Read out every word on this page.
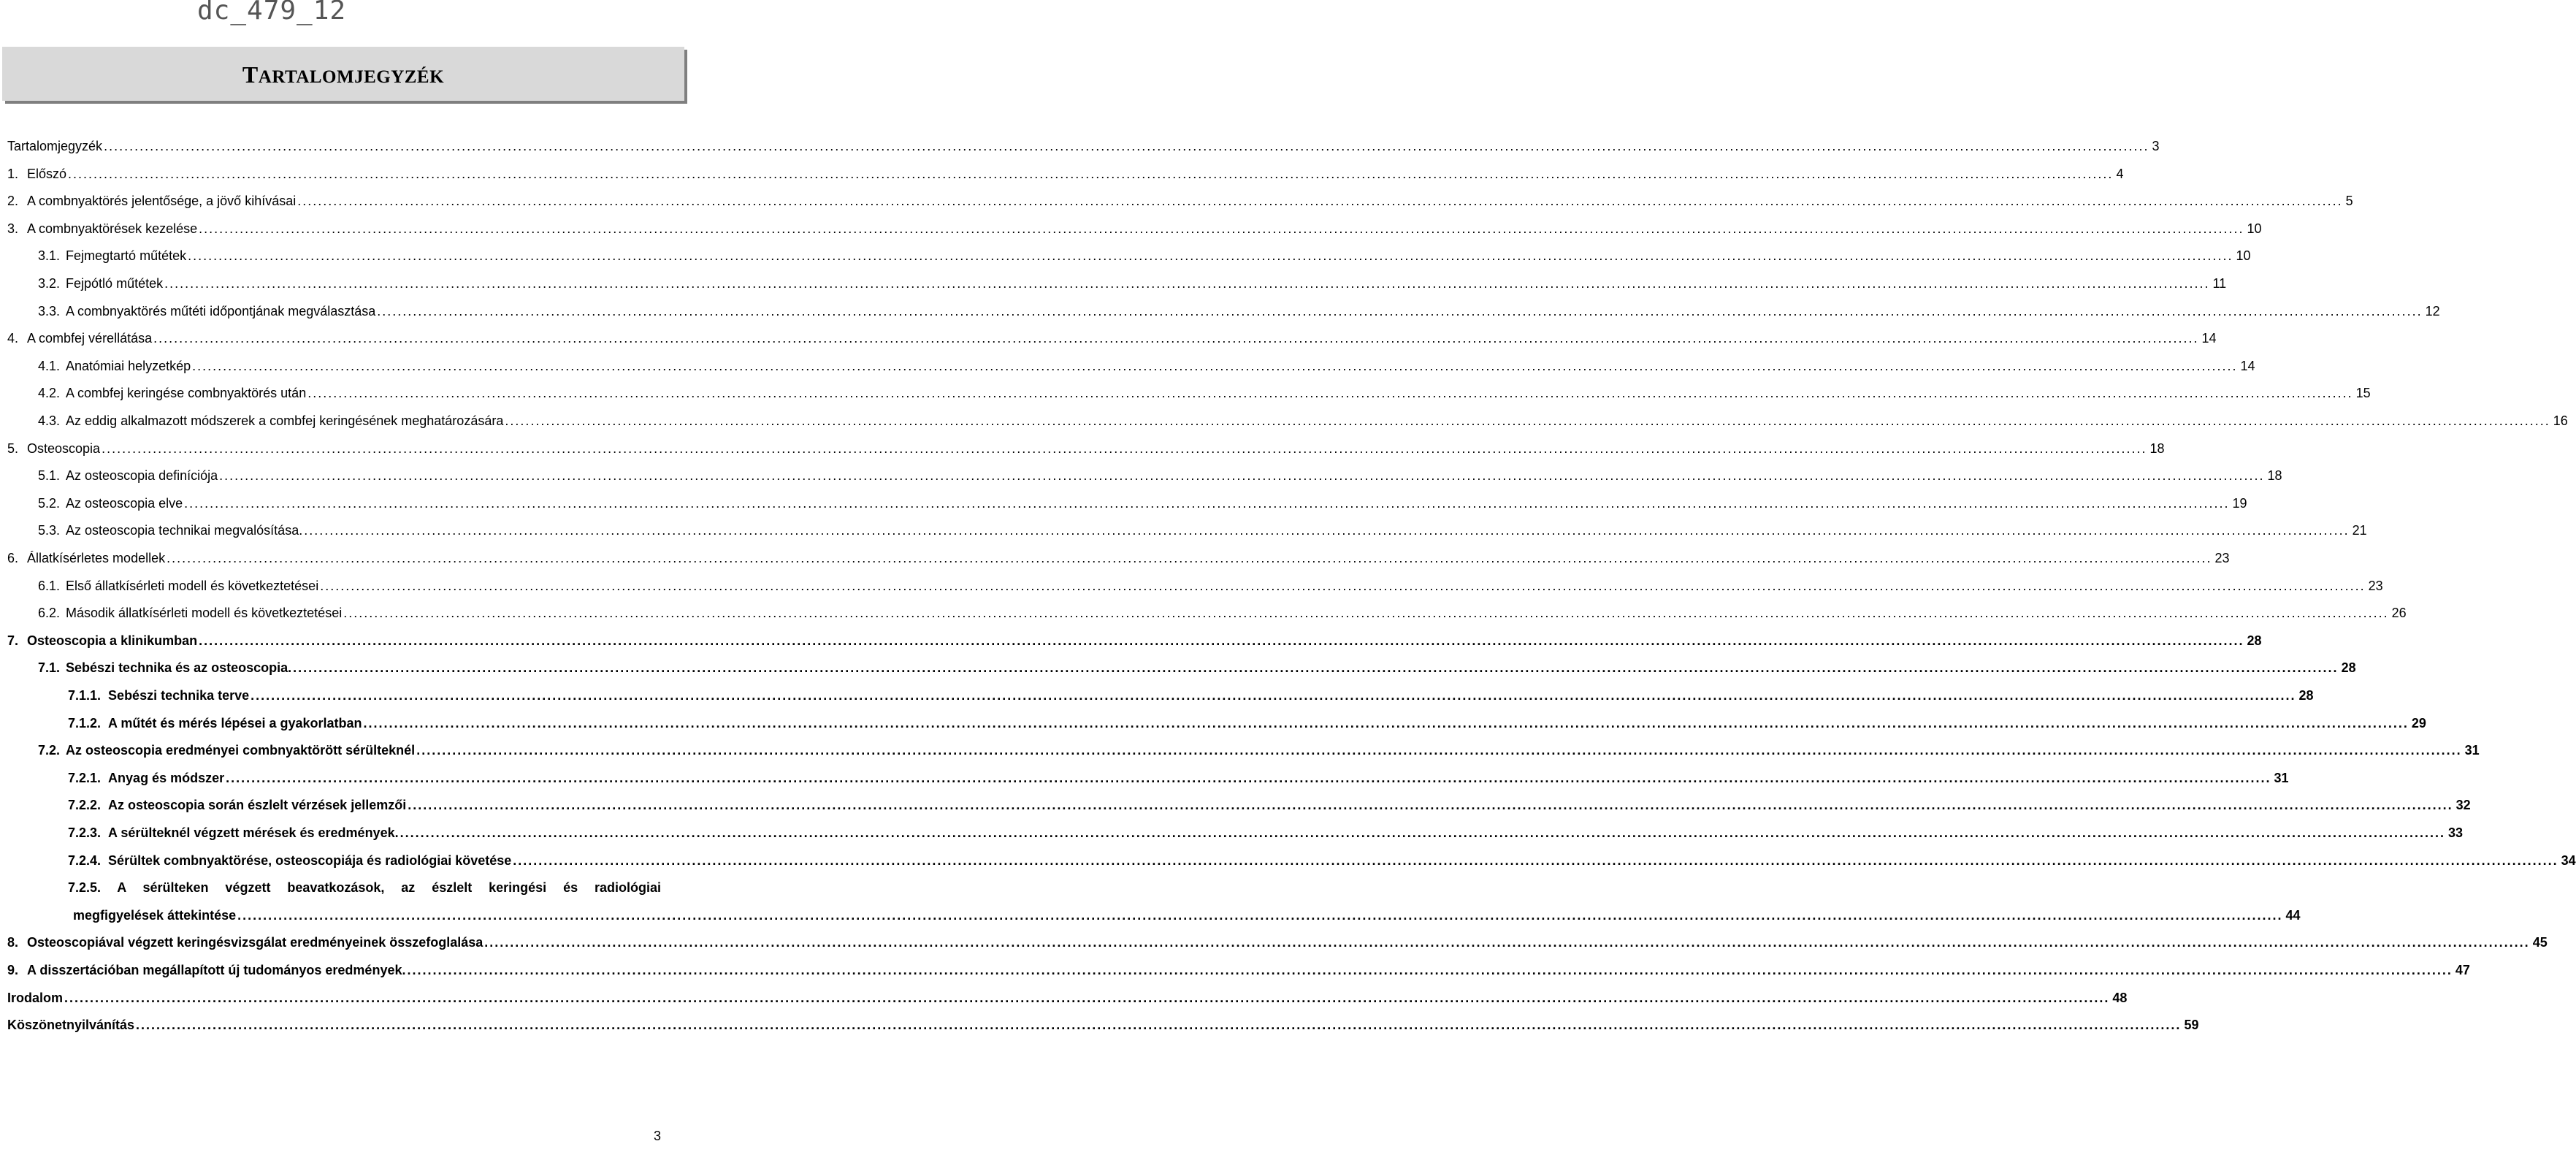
dc_479_12
TARTALOMJEGYZÉK
Tartalomjegyzék ................................................................................................................................................................................................................................................................................................................................................................................................................ 3
1. Előszó ................................................................................................................................................................................................................................................................................................................................................................................................................ 4
2. A combnyaktörés jelentősége, a jövő kihívásai ................................................................................................................................................................................................................................................................................................................................................................................................................ 5
3. A combnyaktörések kezelése ................................................................................................................................................................................................................................................................................................................................................................................................................ 10
3.1. Fejmegtartó műtétek ................................................................................................................................................................................................................................................................................................................................................................................................................ 10
3.2. Fejpótló műtétek ................................................................................................................................................................................................................................................................................................................................................................................................................ 11
3.3. A combnyaktörés műtéti időpontjának megválasztása ................................................................................................................................................................................................................................................................................................................................................................................................................ 12
4. A combfej vérellátása ................................................................................................................................................................................................................................................................................................................................................................................................................ 14
4.1. Anatómiai helyzetkép ................................................................................................................................................................................................................................................................................................................................................................................................................ 14
4.2. A combfej keringése combnyaktörés után ................................................................................................................................................................................................................................................................................................................................................................................................................ 15
4.3. Az eddig alkalmazott módszerek a combfej keringésének meghatározására ................................................................................................................................................................................................................................................................................................................................................................................................................ 16
5. Osteoscopia ................................................................................................................................................................................................................................................................................................................................................................................................................ 18
5.1. Az osteoscopia definíciója ................................................................................................................................................................................................................................................................................................................................................................................................................ 18
5.2. Az osteoscopia elve ................................................................................................................................................................................................................................................................................................................................................................................................................ 19
5.3. Az osteoscopia technikai megvalósítása. ................................................................................................................................................................................................................................................................................................................................................................................................................ 21
6. Állatkísérletes modellek ................................................................................................................................................................................................................................................................................................................................................................................................................ 23
6.1. Első állatkísérleti modell és következtetései ................................................................................................................................................................................................................................................................................................................................................................................................................ 23
6.2. Második állatkísérleti modell és következtetései ................................................................................................................................................................................................................................................................................................................................................................................................................ 26
7. Osteoscopia a klinikumban ................................................................................................................................................................................................................................................................................................................................................................................................................ 28
7.1. Sebészi technika és az osteoscopia. ................................................................................................................................................................................................................................................................................................................................................................................................................ 28
7.1.1. Sebészi technika terve ................................................................................................................................................................................................................................................................................................................................................................................................................ 28
7.1.2. A műtét és mérés lépései a gyakorlatban ................................................................................................................................................................................................................................................................................................................................................................................................................ 29
7.2. Az osteoscopia eredményei combnyaktörött sérülteknél ................................................................................................................................................................................................................................................................................................................................................................................................................ 31
7.2.1. Anyag és módszer ................................................................................................................................................................................................................................................................................................................................................................................................................ 31
7.2.2. Az osteoscopia során észlelt vérzések jellemzői ................................................................................................................................................................................................................................................................................................................................................................................................................ 32
7.2.3. A sérülteknél végzett mérések és eredmények. ................................................................................................................................................................................................................................................................................................................................................................................................................ 33
7.2.4. Sérültek combnyaktörése, osteoscopiája és radiológiai követése ................................................................................................................................................................................................................................................................................................................................................................................................................ 34
7.2.5. A sérülteken végzett beavatkozások, az észlelt keringési és radiológiai
megfigyelések áttekintése ................................................................................................................................................................................................................................................................................................................................................................................................................ 44
8. Osteoscopiával végzett keringésvizsgálat eredményeinek összefoglalása ................................................................................................................................................................................................................................................................................................................................................................................................................ 45
9. A disszertációban megállapított új tudományos eredmények. ................................................................................................................................................................................................................................................................................................................................................................................................................ 47
Irodalom ................................................................................................................................................................................................................................................................................................................................................................................................................ 48
Köszönetnyilvánítás ................................................................................................................................................................................................................................................................................................................................................................................................................ 59
3
